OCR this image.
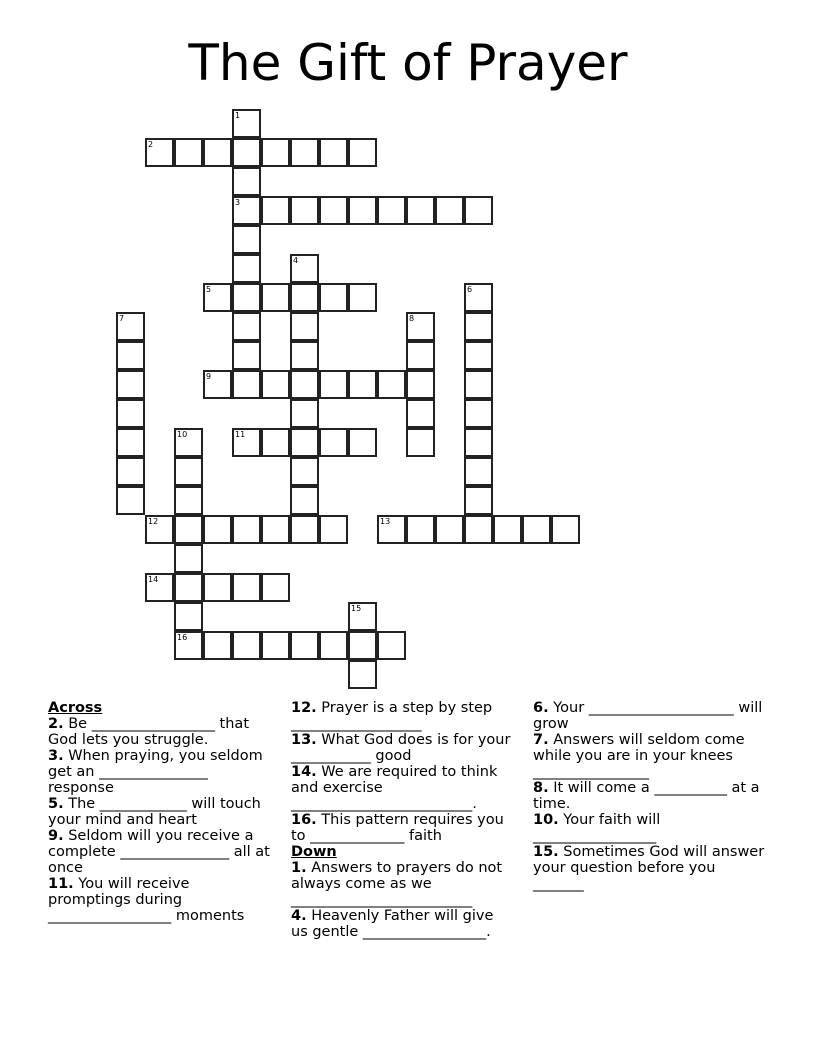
The Gift of Prayer
1
3
2
4
5	6
7	8
9
10
16
11
12	13
14
15
Across
2. Be _________________ that God lets you struggle.
3. When praying, you seldom get an _______________ response
5. The ____________ will touch your mind and heart
9. Seldom will you receive a complete _______________ all at once
11. You will receive promptings during _________________ moments
12. Prayer is a step by step __________________
13. What God does is for your ___________ good
14. We are required to think and exercise _________________________.
16. This pattern requires you to _____________ faith
Down
1. Answers to prayers do not always come as we _________________________
4. Heavenly Father will give us gentle _________________.
6. Your ____________________ will grow
7. Answers will seldom come while you are in your knees ________________
8. It will come a __________ at a time.
10. Your faith will _________________
15. Sometimes God will answer your question before you _______
